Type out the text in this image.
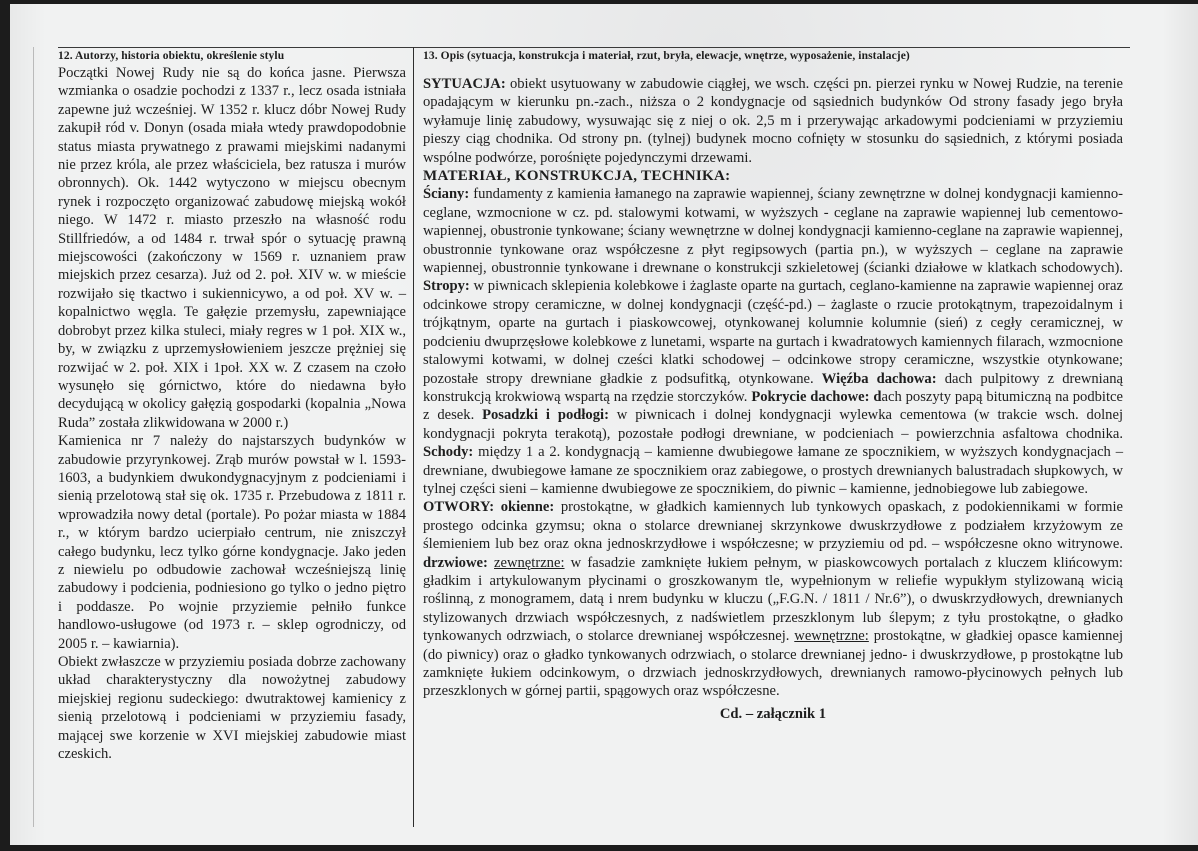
12. Autorzy, historia obiektu, określenie stylu

Początki Nowej Rudy nie są do końca jasne. Pierwsza wzmianka o osadzie pochodzi z 1337 r., lecz osada istniała zapewne już wcześniej. W 1352 r. klucz dóbr Nowej Rudy zakupił ród v. Donyn (osada miała wtedy prawdopodobnie status miasta prywatnego z prawami miejskimi nadanymi nie przez króla, ale przez właściciela, bez ratusza i murów obronnych). Ok. 1442 wytyczono w miejscu obecnym rynek i rozpoczęto organizować zabudowę miejską wokół niego. W 1472 r. miasto przeszło na własność rodu Stillfriedów, a od 1484 r. trwał spór o sytuację prawną miejscowości (zakończony w 1569 r. uznaniem praw miejskich przez cesarza). Już od 2. poł. XIV w. w mieście rozwijało się tkactwo i sukiennicywo, a od poł. XV w. – kopalnictwo węgla. Te gałęzie przemysłu, zapewniające dobrobyt przez kilka stuleci, miały regres w 1 poł. XIX w., by, w związku z uprzemysłowieniem jeszcze prężniej się rozwijać w 2. poł. XIX i 1poł. XX w. Z czasem na czoło wysunęło się górnictwo, które do niedawna było decydującą w okolicy gałęzią gospodarki (kopalnia „Nowa Ruda” została zlikwidowana w 2000 r.)

Kamienica nr 7 należy do najstarszych budynków w zabudowie przyrynkowej. Zrąb murów powstał w l. 1593-1603, a budynkiem dwukondygnacyjnym z podcieniami i sienią przelotową stał się ok. 1735 r. Przebudowa z 1811 r. wprowadziła nowy detal (portale). Po pożar miasta w 1884 r., w którym bardzo ucierpiało centrum, nie zniszczył całego budynku, lecz tylko górne kondygnacje. Jako jeden z niewielu po odbudowie zachował wcześniejszą linię zabudowy i podcienia, podniesiono go tylko o jedno piętro i poddasze. Po wojnie przyziemie pełniło funkce handlowo-usługowe (od 1973 r. – sklep ogrodniczy, od 2005 r. – kawiarnia).

Obiekt zwłaszcze w przyziemiu posiada dobrze zachowany układ charakterystyczny dla nowożytnej zabudowy miejskiej regionu sudeckiego: dwutraktowej kamienicy z sienią przelotową i podcieniami w przyziemiu fasady, mającej swe korzenie w XVI miejskiej zabudowie miast czeskich.

13. Opis (sytuacja, konstrukcja i materiał, rzut, bryła, elewacje, wnętrze, wyposażenie, instalacje)

SYTUACJA: obiekt usytuowany w zabudowie ciągłej, we wsch. części pn. pierzei rynku w Nowej Rudzie, na terenie opadającym w kierunku pn.-zach., niższa o 2 kondygnacje od sąsiednich budynków Od strony fasady jego bryła wyłamuje linię zabudowy, wysuwając się z niej o ok. 2,5 m i przerywając arkadowymi podcieniami w przyziemiu pieszy ciąg chodnika. Od strony pn. (tylnej) budynek mocno cofnięty w stosunku do sąsiednich, z którymi posiada wspólne podwórze, porośnięte pojedynczymi drzewami.

MATERIAŁ, KONSTRUKCJA, TECHNIKA:

Ściany: fundamenty z kamienia łamanego na zaprawie wapiennej, ściany zewnętrzne w dolnej kondygnacji kamienno-ceglane, wzmocnione w cz. pd. stalowymi kotwami, w wyższych - ceglane na zaprawie wapiennej lub cementowo-wapiennej, obustronie tynkowane; ściany wewnętrzne w dolnej kondygnacji kamienno-ceglane na zaprawie wapiennej, obustronnie tynkowane oraz współczesne z płyt regipsowych (partia pn.), w wyższych – ceglane na zaprawie wapiennej, obustronnie tynkowane i drewnane o konstrukcji szkieletowej (ścianki działowe w klatkach schodowych). Stropy: w piwnicach sklepienia kolebkowe i żaglaste oparte na gurtach, ceglano-kamienne na zaprawie wapiennej oraz odcinkowe stropy ceramiczne, w dolnej kondygnacji (część-pd.) – żaglaste o rzucie protokątnym, trapezoidalnym i trójkątnym, oparte na gurtach i piaskowcowej, otynkowanej kolumnie kolumnie (sień) z cegły ceramicznej, w podcieniu dwuprzęsłowe kolebkowe z lunetami, wsparte na gurtach i kwadratowych kamiennych filarach, wzmocnione stalowymi kotwami, w dolnej cześci klatki schodowej – odcinkowe stropy ceramiczne, wszystkie otynkowane; pozostałe stropy drewniane gładkie z podsufitką, otynkowane. Więźba dachowa: dach pulpitowy z drewnianą konstrukcją krokwiową wspartą na rzędzie storczyków. Pokrycie dachowe: dach poszyty papą bitumiczną na podbitce z desek. Posadzki i podłogi: w piwnicach i dolnej kondygnacji wylewka cementowa (w trakcie wsch. dolnej kondygnacji pokryta terakotą), pozostałe podłogi drewniane, w podcieniach – powierzchnia asfaltowa chodnika. Schody: między 1 a 2. kondygnacją – kamienne dwubiegowe łamane ze spocznikiem, w wyższych kondygnacjach – drewniane, dwubiegowe łamane ze spocznikiem oraz zabiegowe, o prostych drewnianych balustradach słupkowych, w tylnej części sieni – kamienne dwubiegowe ze spocznikiem, do piwnic – kamienne, jednobiegowe lub zabiegowe.

OTWORY: okienne: prostokątne, w gładkich kamiennych lub tynkowych opaskach, z podokiennikami w formie prostego odcinka gzymsu; okna o stolarce drewnianej skrzynkowe dwuskrzydłowe z podziałem krzyżowym ze ślemieniem lub bez oraz okna jednoskrzydłowe i współczesne; w przyziemiu od pd. – współczesne okno witrynowe. drzwiowe: zewnętrzne: w fasadzie zamknięte łukiem pełnym, w piaskowcowych portalach z kluczem klińcowym: gładkim i artykulowanym płycinami o groszkowanym tle, wypełnionym w reliefie wypukłym stylizowaną wicią roślinną, z monogramem, datą i nrem budynku w kluczu („F.G.N. / 1811 / Nr.6”), o dwuskrzydłowych, drewnianych stylizowanych drzwiach współczesnych, z nadświetlem przeszklonym lub ślepym; z tyłu prostokątne, o gładko tynkowanych odrzwiach, o stolarce drewnianej współczesnej. wewnętrzne: prostokątne, w gładkiej opasce kamiennej (do piwnicy) oraz o gładko tynkowanych odrzwiach, o stolarce drewnianej jedno- i dwuskrzydłowe, p prostokątne lub zamknięte łukiem odcinkowym, o drzwiach jednoskrzydłowych, drewnianych ramowo-płycinowych pełnych lub przeszklonych w górnej partii, spągowych oraz współczesne.

Cd. – załącznik 1
